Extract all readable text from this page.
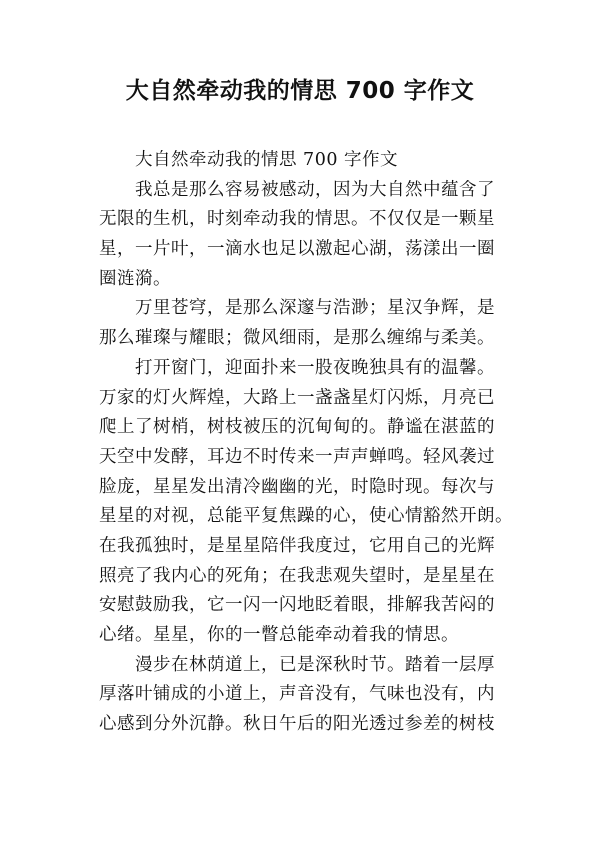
大自然牵动我的情思 700 字作文
大自然牵动我的情思 700 字作文
我总是那么容易被感动，因为大自然中蕴含了
无限的生机，时刻牵动我的情思。不仅仅是一颗星
星，一片叶，一滴水也足以激起心湖，荡漾出一圈
圈涟漪。
万里苍穹，是那么深邃与浩渺；星汉争辉，是
那么璀璨与耀眼；微风细雨，是那么缠绵与柔美。
打开窗门，迎面扑来一股夜晚独具有的温馨。
万家的灯火辉煌，大路上一盏盏星灯闪烁，月亮已
爬上了树梢，树枝被压的沉甸甸的。静谧在湛蓝的
天空中发酵，耳边不时传来一声声蝉鸣。轻风袭过
脸庞，星星发出清冷幽幽的光，时隐时现。每次与
星星的对视，总能平复焦躁的心，使心情豁然开朗。
在我孤独时，是星星陪伴我度过，它用自己的光辉
照亮了我内心的死角；在我悲观失望时，是星星在
安慰鼓励我，它一闪一闪地眨着眼，排解我苦闷的
心绪。星星，你的一瞥总能牵动着我的情思。
漫步在林荫道上，已是深秋时节。踏着一层厚
厚落叶铺成的小道上，声音没有，气味也没有，内
心感到分外沉静。秋日午后的阳光透过参差的树枝
